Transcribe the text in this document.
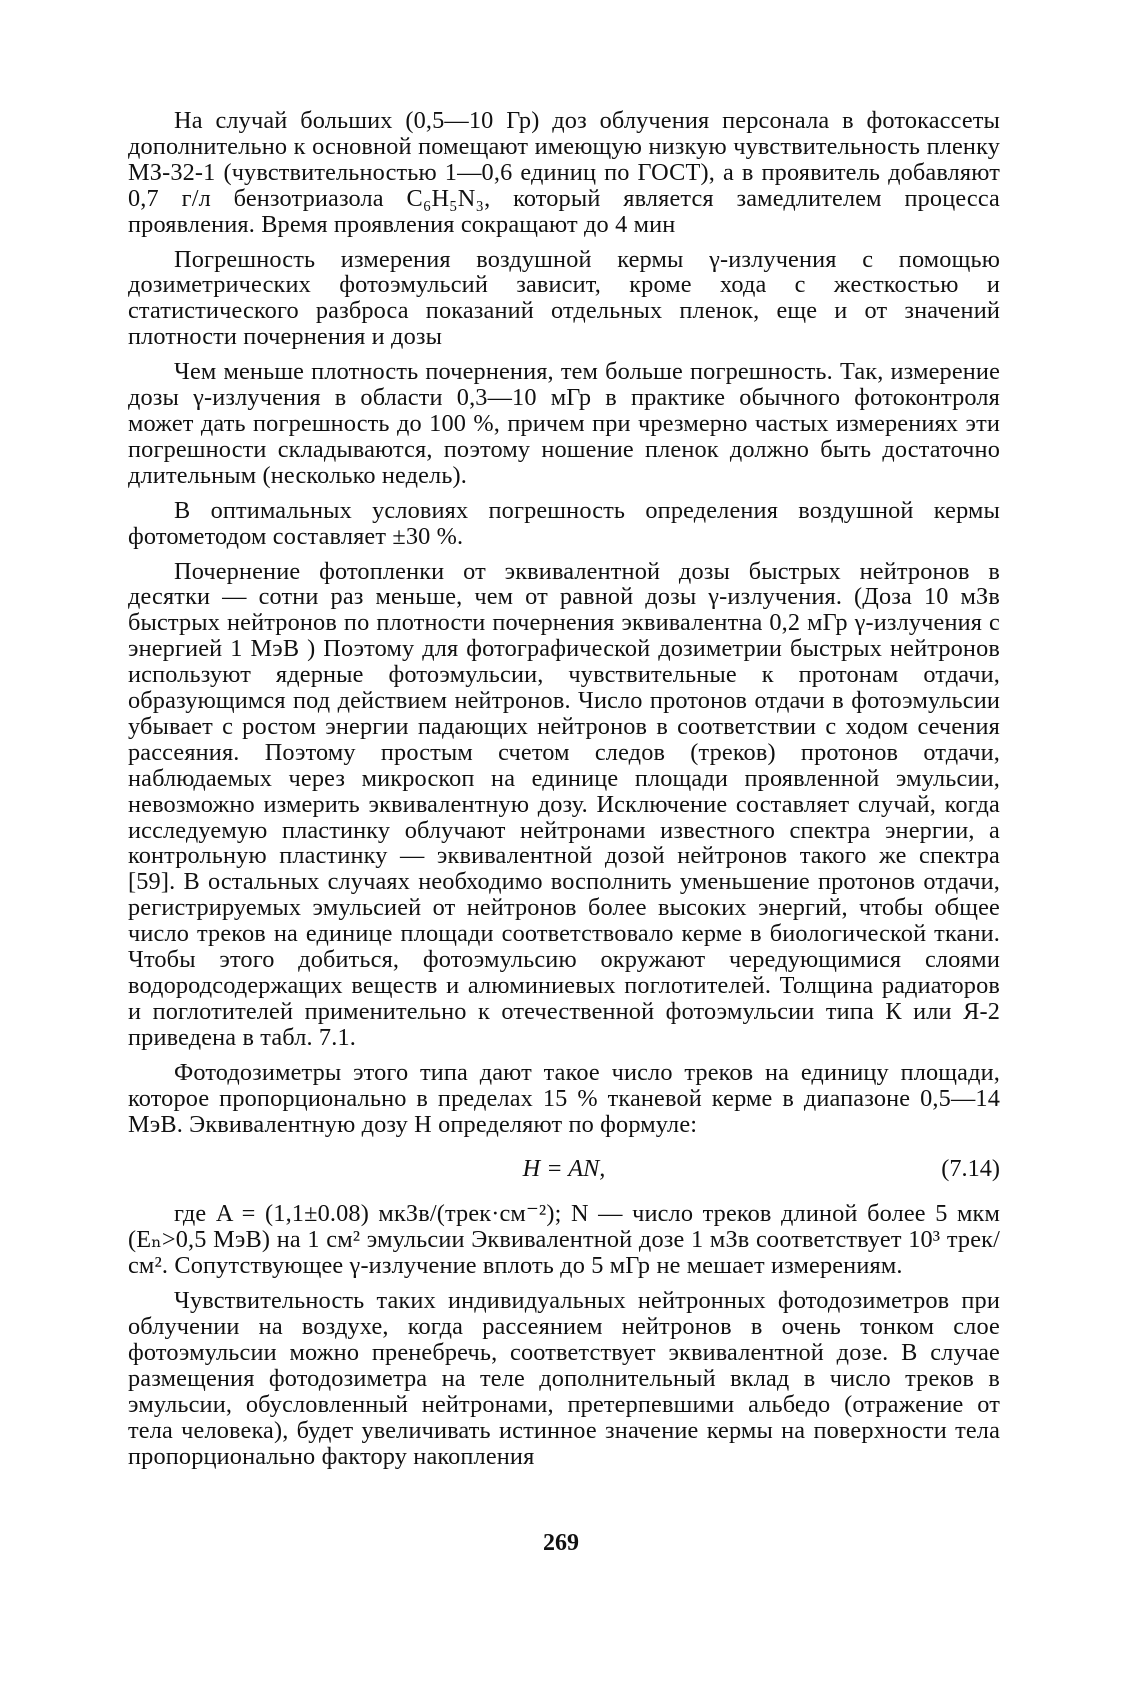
На случай больших (0,5—10 Гр) доз облучения персонала в фотокассеты дополнительно к основной помещают имеющую низкую чувствительность пленку МЗ-32-1 (чувствительностью 1—0,6 единиц по ГОСТ), а в проявитель добавляют 0,7 г/л бензотриазола C₆H₅N₃, который является замедлителем процесса проявления. Время проявления сокращают до 4 мин

Погрешность измерения воздушной кермы γ-излучения с помощью дозиметрических фотоэмульсий зависит, кроме хода с жесткостью и статистического разброса показаний отдельных пленок, еще и от значений плотности почернения и дозы

Чем меньше плотность почернения, тем больше погрешность. Так, измерение дозы γ-излучения в области 0,3—10 мГр в практике обычного фотоконтроля может дать погрешность до 100 %, причем при чрезмерно частых измерениях эти погрешности складываются, поэтому ношение пленок должно быть достаточно длительным (несколько недель).

В оптимальных условиях погрешность определения воздушной кермы фотометодом составляет ±30 %.

Почернение фотопленки от эквивалентной дозы быстрых нейтронов в десятки — сотни раз меньше, чем от равной дозы γ-излучения. (Доза 10 мЗв быстрых нейтронов по плотности почернения эквивалентна 0,2 мГр γ-излучения с энергией 1 МэВ ) Поэтому для фотографической дозиметрии быстрых нейтронов используют ядерные фотоэмульсии, чувствительные к протонам отдачи, образующимся под действием нейтронов. Число протонов отдачи в фотоэмульсии убывает с ростом энергии падающих нейтронов в соответствии с ходом сечения рассеяния. Поэтому простым счетом следов (треков) протонов отдачи, наблюдаемых через микроскоп на единице площади проявленной эмульсии, невозможно измерить эквивалентную дозу. Исключение составляет случай, когда исследуемую пластинку облучают нейтронами известного спектра энергии, а контрольную пластинку — эквивалентной дозой нейтронов такого же спектра [59]. В остальных случаях необходимо восполнить уменьшение протонов отдачи, регистрируемых эмульсией от нейтронов более высоких энергий, чтобы общее число треков на единице площади соответствовало керме в биологической ткани. Чтобы этого добиться, фотоэмульсию окружают чередующимися слоями водородсодержащих веществ и алюминиевых поглотителей. Толщина радиаторов и поглотителей применительно к отечественной фотоэмульсии типа К или Я-2 приведена в табл. 7.1.

Фотодозиметры этого типа дают такое число треков на единицу площади, которое пропорционально в пределах 15 % тканевой керме в диапазоне 0,5—14 МэВ. Эквивалентную дозу H определяют по формуле:

H = AN,	(7.14)

где A = (1,1±0.08) мкЗв/(трек·см⁻²); N — число треков длиной более 5 мкм (Eₙ>0,5 МэВ) на 1 см² эмульсии Эквивалентной дозе 1 мЗв соответствует 10³ трек/см². Сопутствующее γ-излучение вплоть до 5 мГр не мешает измерениям.

Чувствительность таких индивидуальных нейтронных фотодозиметров при облучении на воздухе, когда рассеянием нейтронов в очень тонком слое фотоэмульсии можно пренебречь, соответствует эквивалентной дозе. В случае размещения фотодозиметра на теле дополнительный вклад в число треков в эмульсии, обусловленный нейтронами, претерпевшими альбедо (отражение от тела человека), будет увеличивать истинное значение кермы на поверхности тела пропорционально фактору накопления

269
